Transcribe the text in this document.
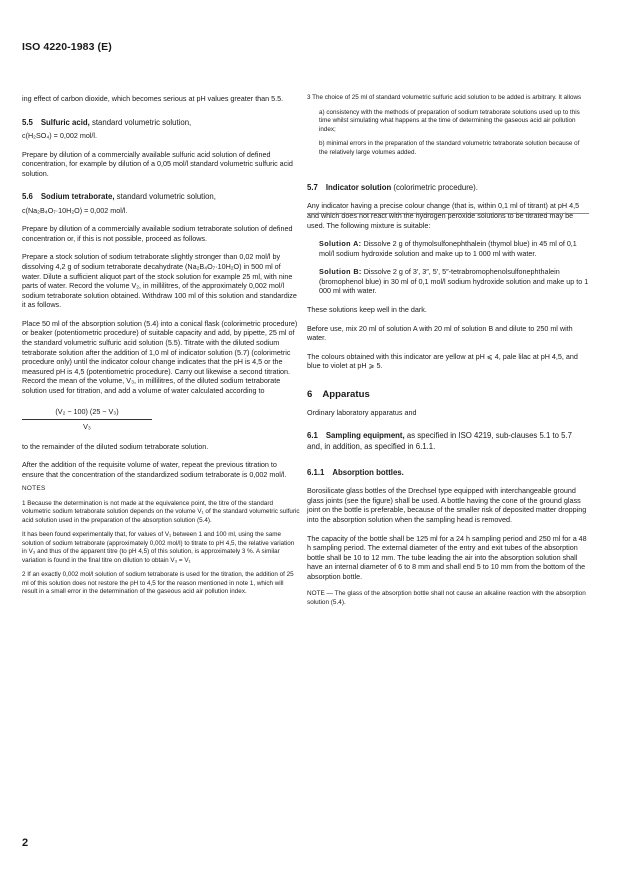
ISO 4220-1983 (E)

ing effect of carbon dioxide, which becomes serious at pH values greater than 5.5.

5.5 Sulfuric acid, standard volumetric solution,

c(H₂SO₄) = 0,002 mol/l.

Prepare by dilution of a commercially available sulfuric acid solution of defined concentration, for example by dilution of a 0,05 mol/l standard volumetric sulfuric acid solution.

5.6 Sodium tetraborate, standard volumetric solution,

c(Na₂B₄O₇·10H₂O) = 0,002 mol/l.

Prepare by dilution of a commercially available sodium tetraborate solution of defined concentration or, if this is not possible, proceed as follows.

Prepare a stock solution of sodium tetraborate slightly stronger than 0,02 mol/l by dissolving 4,2 g of sodium tetraborate decahydrate (Na₂B₄O₇·10H₂O) in 500 ml of water. Dilute a sufficient aliquot part of the stock solution for example 25 ml, with nine parts of water. Record the volume V₂, in millilitres, of the approximately 0,002 mol/l sodium tetraborate solution obtained. Withdraw 100 ml of this solution and standardize it as follows.

Place 50 ml of the absorption solution (5.4) into a conical flask (colorimetric procedure) or beaker (potentiometric procedure) of suitable capacity and add, by pipette, 25 ml of the standard volumetric sulfuric acid solution (5.5). Titrate with the diluted sodium tetraborate solution after the addition of 1,0 ml of indicator solution (5.7) (colorimetric procedure only) until the indicator colour change indicates that the pH is 4,5 or the measured pH is 4,5 (potentiometric procedure). Carry out likewise a second titration. Record the mean of the volume, V₃, in millilitres, of the diluted sodium tetraborate solution used for titration, and add a volume of water calculated according to

(V₂ − 100) (25 − V₃)
V₃

to the remainder of the diluted sodium tetraborate solution.

After the addition of the requisite volume of water, repeat the previous titration to ensure that the concentration of the standardized sodium tetraborate is 0,002 mol/l.

NOTES

1 Because the determination is not made at the equivalence point, the titre of the standard volumetric sodium tetraborate solution depends on the volume V₁ of the standard volumetric sulfuric acid solution used in the preparation of the absorption solution (5.4).

It has been found experimentally that, for values of V₁ between 1 and 100 ml, using the same solution of sodium tetraborate (approximately 0,002 mol/l) to titrate to pH 4,5, the relative variation in V₃ and thus of the apparent titre (to pH 4,5) of this solution, is approximately 3 %. A similar variation is found in the final titre on dilution to obtain V₃ = V₁

2 If an exactly 0,002 mol/l solution of sodium tetraborate is used for the titration, the addition of 25 ml of this solution does not restore the pH to 4,5 for the reason mentioned in note 1, which will result in a small error in the determination of the gaseous acid air pollution index.

3 The choice of 25 ml of standard volumetric sulfuric acid solution to be added is arbitrary. It allows

a) consistency with the methods of preparation of sodium tetraborate solutions used up to this time whilst simulating what happens at the time of determining the gaseous acid air pollution index;

b) minimal errors in the preparation of the standard volumetric tetraborate solution because of the relatively large volumes added.

5.7 Indicator solution (colorimetric procedure).

Any indicator having a precise colour change (that is, within 0,1 ml of titrant) at pH 4,5 and which does not react with the hydrogen peroxide solutions to be titrated may be used. The following mixture is suitable:

Solution A: Dissolve 2 g of thymolsulfonephthalein (thymol blue) in 45 ml of 0,1 mol/l sodium hydroxide solution and make up to 1 000 ml with water.

Solution B: Dissolve 2 g of 3′, 3″, 5′, 5″-tetrabromophenolsulfonephthalein (bromophenol blue) in 30 ml of 0,1 mol/l sodium hydroxide solution and make up to 1 000 ml with water.

These solutions keep well in the dark.

Before use, mix 20 ml of solution A with 20 ml of solution B and dilute to 250 ml with water.

The colours obtained with this indicator are yellow at pH ⩽ 4, pale lilac at pH 4,5, and blue to violet at pH ⩾ 5.

6 Apparatus

Ordinary laboratory apparatus and

6.1 Sampling equipment, as specified in ISO 4219, sub-clauses 5.1 to 5.7 and, in addition, as specified in 6.1.1.
6.1.1 Absorption bottles.

Borosilicate glass bottles of the Drechsel type equipped with interchangeable ground glass joints (see the figure) shall be used. A bottle having the cone of the ground glass joint on the bottle is preferable, because of the smaller risk of deposited matter dropping into the absorption solution when the sampling head is removed.

The capacity of the bottle shall be 125 ml for a 24 h sampling period and 250 ml for a 48 h sampling period. The external diameter of the entry and exit tubes of the absorption bottle shall be 10 to 12 mm. The tube leading the air into the absorption solution shall have an internal diameter of 6 to 8 mm and shall end 5 to 10 mm from the bottom of the absorption bottle.

NOTE — The glass of the absorption bottle shall not cause an alkaline reaction with the absorption solution (5.4).

2
